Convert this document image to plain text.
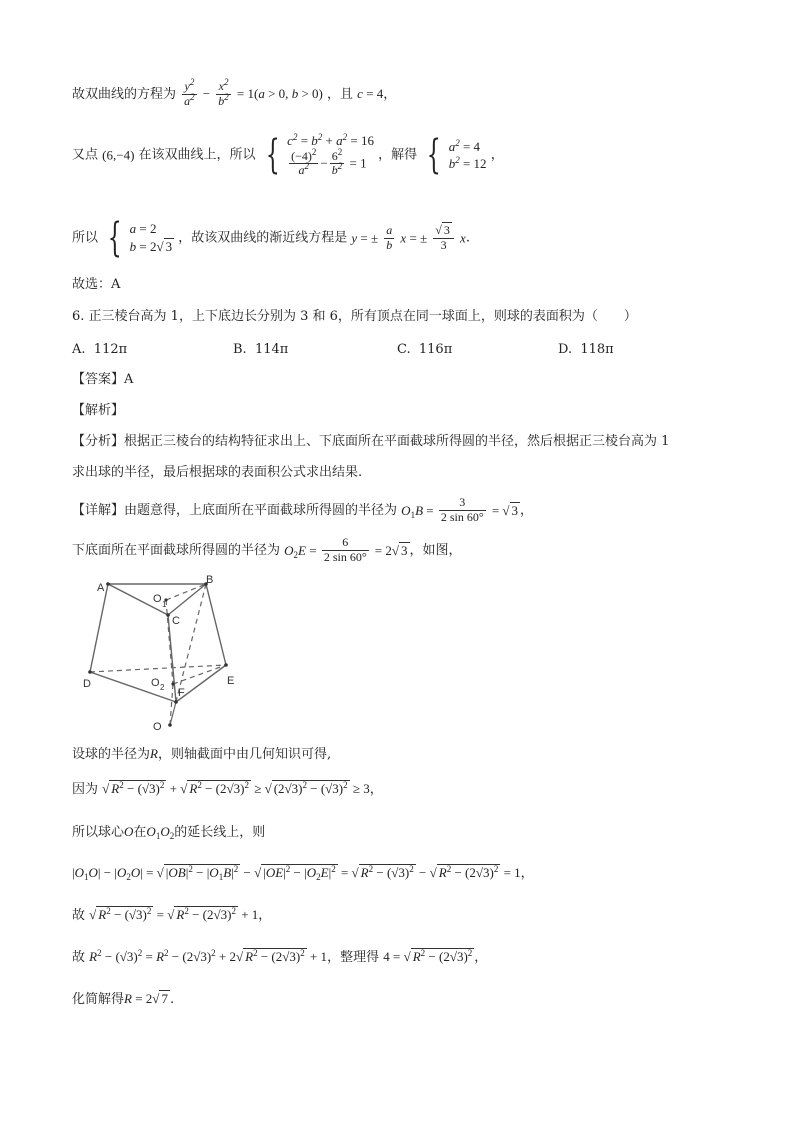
故双曲线的方程为 $\frac{y^2}{a^2} - \frac{x^2}{b^2} = 1(a > 0$, b > 0) ，且 c = 4，
又点 (6,−4) 在该双曲线上，所以 { $c^2 = b^2 + a^2 = 16$
$\frac{(-4)^2}{a^2} - \frac{6^2}{b^2} = 1$ ，解得 { $a^2 = 4$
$b^2 = 12$
，
所以 { a = 2
b = 2√ 3
，故该双曲线的渐近线方程是 y = ± $\frac{a}{b}$ x = ± $\frac{√ 3}{3} x$.
故选：A
6. 正三棱台高为 1，上下底边长分别为 3 和 6，所有顶点在同一球面上，则球的表面积为（　　）
A. 112π	B. 114π	C. 116π	D. 118π
【答案】A
【解析】
【分析】根据正三棱台的结构特征求出上、下底面所在平面截球所得圆的半径，然后根据正三棱台高为 1
求出球的半径，最后根据球的表面积公式求出结果.
【详解】由题意得，上底面所在平面截球所得圆的半径为 $O_1B = \frac{3}{2 \sin 60^\circ}$ = √ 3 ，
下底面所在平面截球所得圆的半径为 $O_2E = \frac{6}{2 \sin 60^\circ} = 2√$ 3 ，如图，
A
B
O 1
C
D	O 2 F
E
O
设球的半径为R，则轴截面中由几何知识可得,
因为 √ $R^2 - (√3)^2$ + √ $R^2 - (2√3)^2$ ≥ √ $(2√3)^2 - (√3)^2 \ge 3$，
所以球心O在$O_1O_2$的延长线上，则
$|O_1O| - |O_2O|$ = √ $|OB|^2 - |O_1B|^2$ − √ $|OE|^2 - |O_2E|^2$ = √ $R^2 - (√3)^2$ − √ $R^2 - (2√3)^2 = 1$，
故 √ $R^2 - (√3)^2$ = √ $R^2 - (2√3)^2 + 1$，
故 $R^2 - (√3)^2 = R^2 - (2√3)^2 + 2√$ $R^2 - (2√3)^2 + 1$，整理得 4 = √ $R^2 - (2√3)^2$ ，
化简解得R = 2√ 7 .
